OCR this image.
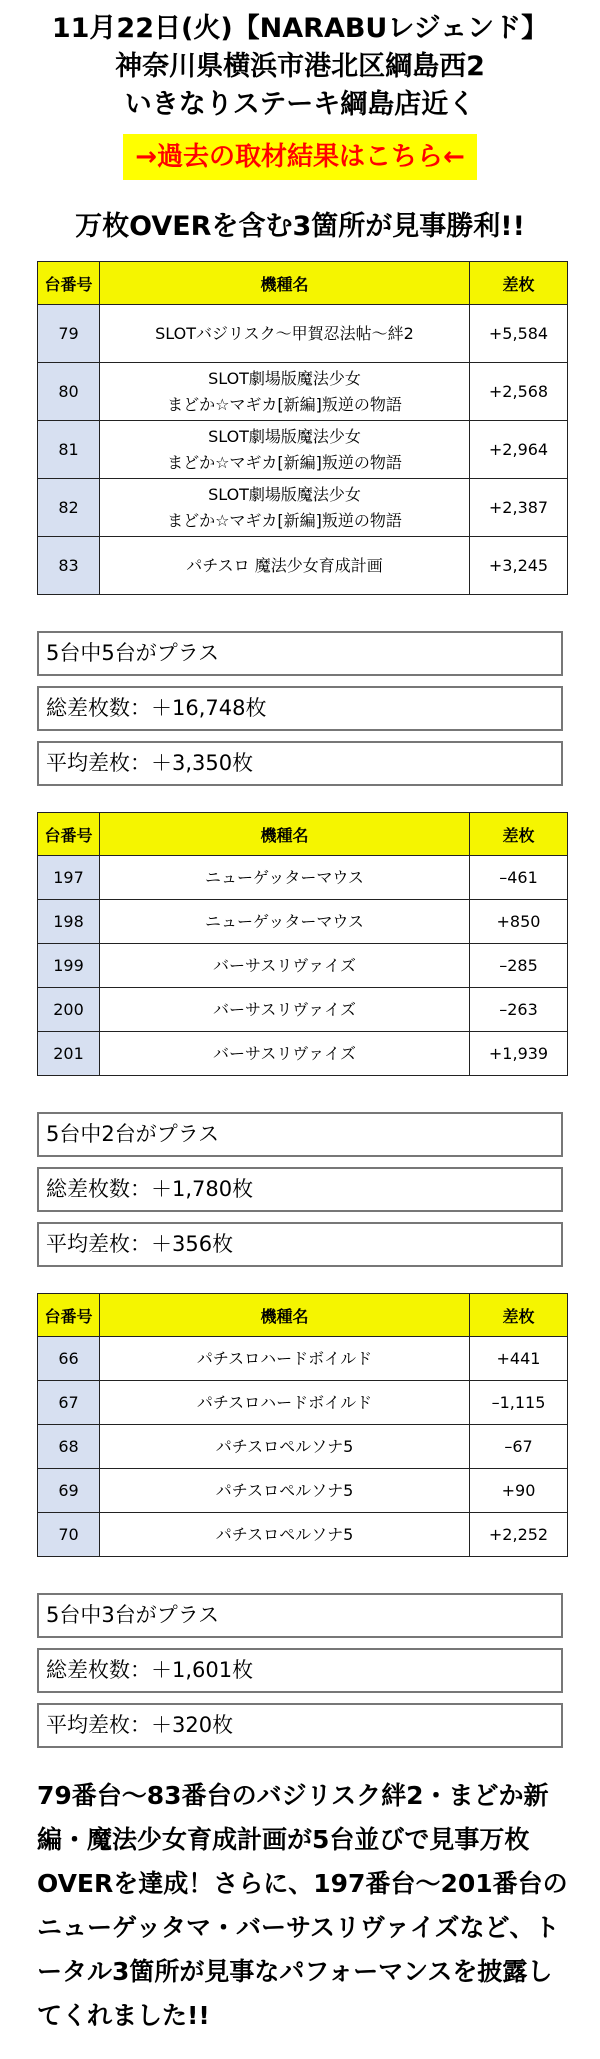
11月22日(火)【NARABUレジェンド】
神奈川県横浜市港北区綱島西2
いきなりステーキ綱島店近く
→過去の取材結果はこちら←
万枚OVERを含む3箇所が見事勝利!!
台番号	機種名	差枚
79	SLOTバジリスク～甲賀忍法帖～絆2	+5,584
80	SLOT劇場版魔法少女
まどか☆マギカ[新編]叛逆の物語	+2,568
81	SLOT劇場版魔法少女
まどか☆マギカ[新編]叛逆の物語	+2,964
82	SLOT劇場版魔法少女
まどか☆マギカ[新編]叛逆の物語	+2,387
83	パチスロ 魔法少女育成計画	+3,245
5台中5台がプラス
総差枚数：＋16,748枚
平均差枚：＋3,350枚
台番号	機種名	差枚
197	ニューゲッターマウス	–461
198	ニューゲッターマウス	+850
199	バーサスリヴァイズ	–285
200	バーサスリヴァイズ	–263
201	バーサスリヴァイズ	+1,939
5台中2台がプラス
総差枚数：＋1,780枚
平均差枚：＋356枚
台番号	機種名	差枚
66	パチスロハードボイルド	+441
67	パチスロハードボイルド	–1,115
68	パチスロペルソナ5	–67
69	パチスロペルソナ5	+90
70	パチスロペルソナ5	+2,252
5台中3台がプラス
総差枚数：＋1,601枚
平均差枚：＋320枚
79番台～83番台のバジリスク絆2・まどか新編・魔法少女育成計画が5台並びで見事万枚OVERを達成！さらに、197番台～201番台のニューゲッタマ・バーサスリヴァイズなど、トータル3箇所が見事なパフォーマンスを披露してくれました!!
